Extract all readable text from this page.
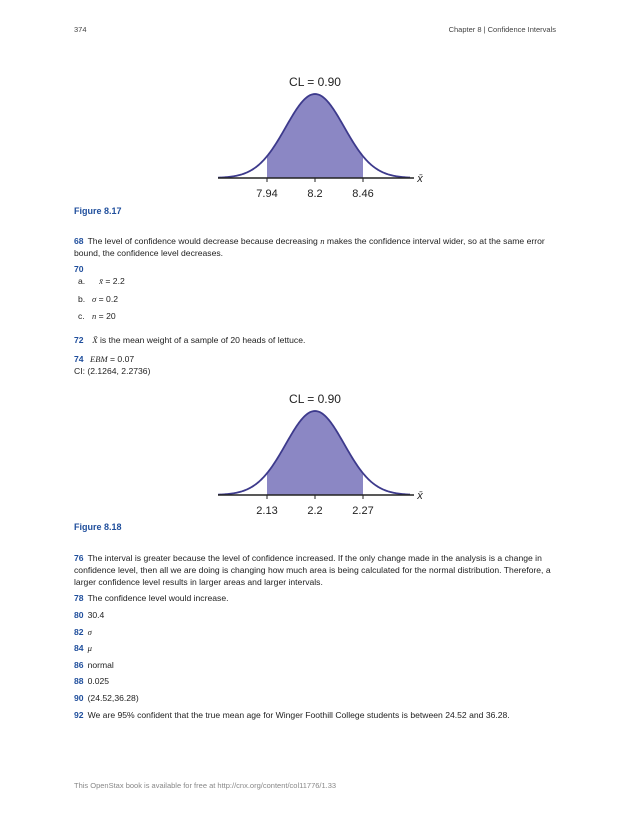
374	Chapter 8 | Confidence Intervals
CL = 0.90
x̄
7.94	8.2	8.46
Figure 8.17
68 The level of confidence would decrease because decreasing n makes the confidence interval wider, so at the same error bound, the confidence level decreases.
70
a. x̄ = 2.2
b. σ = 0.2
c. n = 20
72 X̄ is the mean weight of a sample of 20 heads of lettuce.
74 EBM = 0.07
CI: (2.1264, 2.2736)
CL = 0.90
x̄
2.13	2.2	2.27
Figure 8.18
76 The interval is greater because the level of confidence increased. If the only change made in the analysis is a change in confidence level, then all we are doing is changing how much area is being calculated for the normal distribution. Therefore, a larger confidence level results in larger areas and larger intervals.
78 The confidence level would increase.
80 30.4
82 σ
84 μ
86 normal
88 0.025
90 (24.52,36.28)
92 We are 95% confident that the true mean age for Winger Foothill College students is between 24.52 and 36.28.
This OpenStax book is available for free at http://cnx.org/content/col11776/1.33
